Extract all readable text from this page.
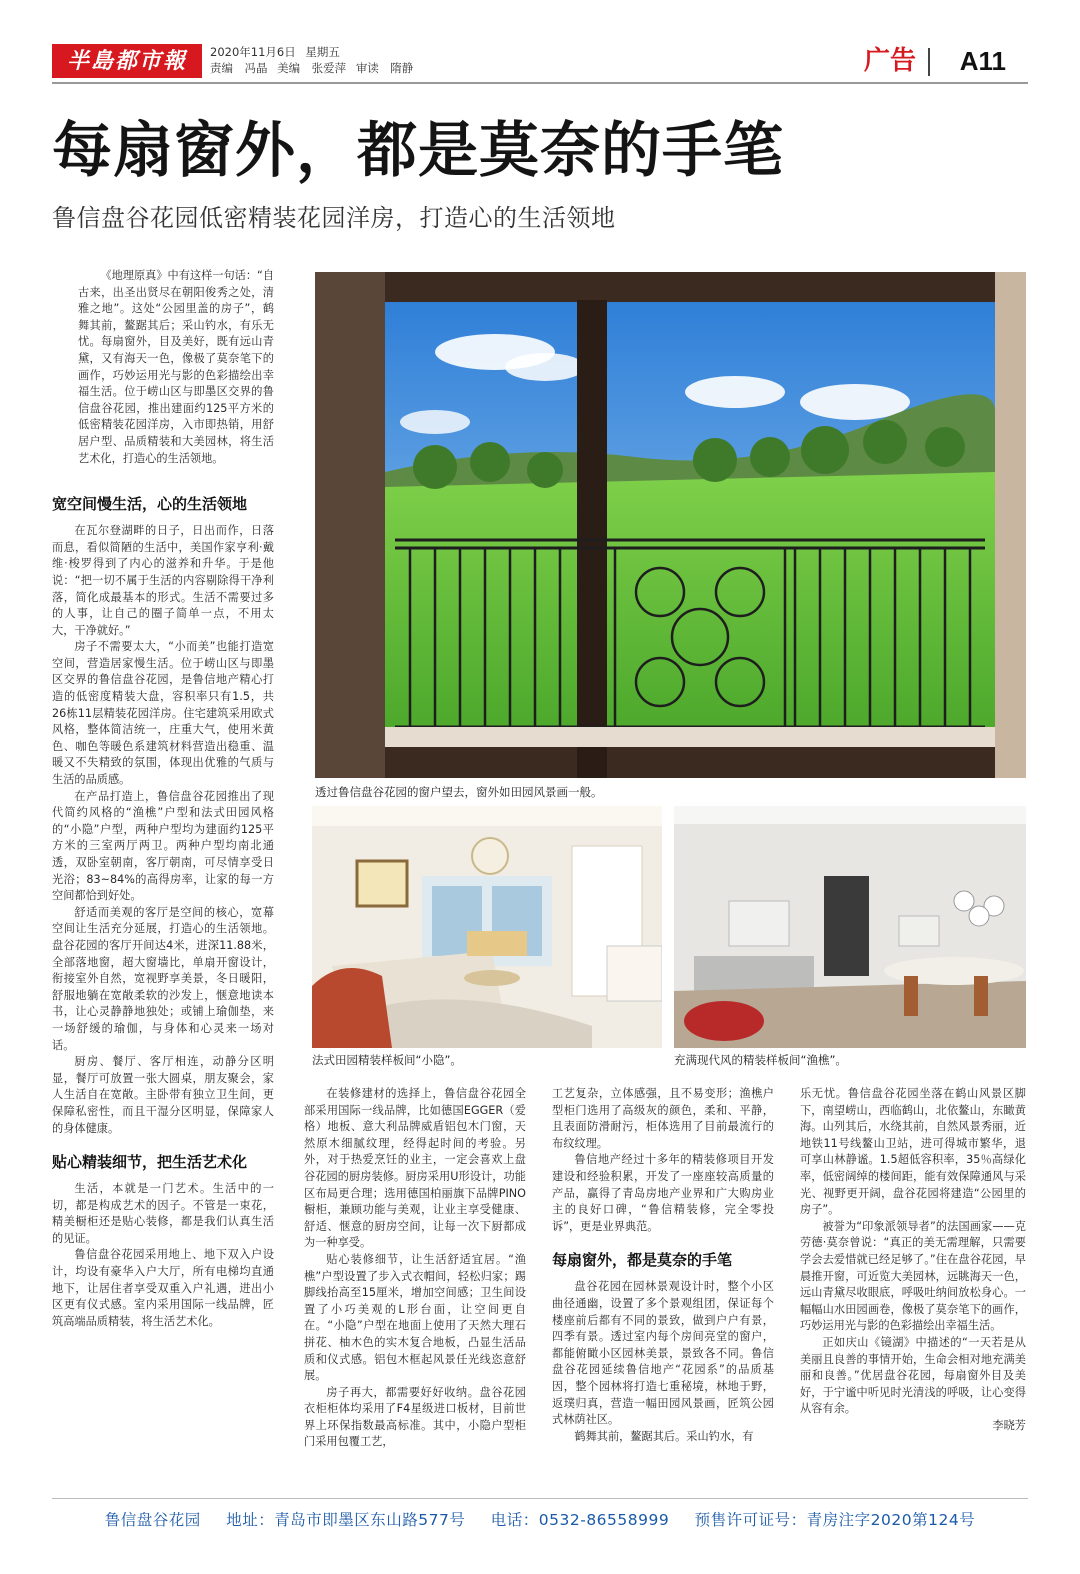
半島都市報	2020年11月6日 星期五
责编　冯晶 美编　张爱萍 审读　隋静	广告 A11
每扇窗外，都是莫奈的手笔
鲁信盘谷花园低密精装花园洋房，打造心的生活领地
透过鲁信盘谷花园的窗户望去，窗外如田园风景画一般。
法式田园精装样板间“小隐”。	充满现代风的精装样板间“渔樵”。

《地理原真》中有这样一句话：“自古来，出圣出贤尽在朝阳俊秀之处，清雅之地”。这处“公园里盖的房子”，鹤舞其前，鳌踞其后；采山钓水，有乐无忧。每扇窗外，目及美好，既有远山青黛，又有海天一色，像极了莫奈笔下的画作，巧妙运用光与影的色彩描绘出幸福生活。位于崂山区与即墨区交界的鲁信盘谷花园，推出建面约125平方米的低密精装花园洋房，入市即热销，用舒居户型、品质精装和大美园林，将生活艺术化，打造心的生活领地。

宽空间慢生活，心的生活领地

在瓦尔登湖畔的日子，日出而作，日落而息，看似简陋的生活中，美国作家亨利·戴维·梭罗得到了内心的滋养和升华。于是他说：“把一切不属于生活的内容剔除得干净利落，简化成最基本的形式。生活不需要过多的人事，让自己的圈子简单一点，不用太大，干净就好。”

房子不需要太大，“小而美”也能打造宽空间，营造居家慢生活。位于崂山区与即墨区交界的鲁信盘谷花园，是鲁信地产精心打造的低密度精装大盘，容积率只有1.5，共26栋11层精装花园洋房。住宅建筑采用欧式风格，整体简洁统一，庄重大气，使用米黄色、咖色等暖色系建筑材料营造出稳重、温暖又不失精致的氛围，体现出优雅的气质与生活的品质感。

在产品打造上，鲁信盘谷花园推出了现代简约风格的“渔樵”户型和法式田园风格的“小隐”户型，两种户型均为建面约125平方米的三室两厅两卫。两种户型均南北通透，双卧室朝南，客厅朝南，可尽情享受日光浴；83~84%的高得房率，让家的每一方空间都恰到好处。

舒适而美观的客厅是空间的核心，宽幕空间让生活充分延展，打造心的生活领地。盘谷花园的客厅开间达4米，进深11.88米，全部落地窗，超大窗墙比，单扇开窗设计，衔接室外自然，宽视野享美景，冬日暖阳，舒服地躺在宽敞柔软的沙发上，惬意地读本书，让心灵静静地独处；或铺上瑜伽垫，来一场舒缓的瑜伽，与身体和心灵来一场对话。

厨房、餐厅、客厅相连，动静分区明显，餐厅可放置一张大圆桌，朋友聚会，家人生活自在宽敞。主卧带有独立卫生间，更保障私密性，而且干湿分区明显，保障家人的身体健康。

贴心精装细节，把生活艺术化

生活，本就是一门艺术。生活中的一切，都是构成艺术的因子。不管是一束花，精美橱柜还是贴心装修，都是我们认真生活的见证。

鲁信盘谷花园采用地上、地下双入户设计，均设有豪华入户大厅，所有电梯均直通地下，让居住者享受双重入户礼遇，进出小区更有仪式感。室内采用国际一线品牌，匠筑高端品质精装，将生活艺术化。

在装修建材的选择上，鲁信盘谷花园全部采用国际一线品牌，比如德国EGGER（爱格）地板、意大利品牌威盾铝包木门窗，天然原木细腻纹理，经得起时间的考验。另外，对于热爱烹饪的业主，一定会喜欢上盘谷花园的厨房装修。厨房采用U形设计，功能区布局更合理；选用德国柏丽旗下品牌PINO橱柜，兼顾功能与美观，让业主享受健康、舒适、惬意的厨房空间，让每一次下厨都成为一种享受。

贴心装修细节，让生活舒适宜居。“渔樵”户型设置了步入式衣帽间，轻松归家；踢脚线抬高至15厘米，增加空间感；卫生间设置了小巧美观的L形台面，让空间更自在。“小隐”户型在地面上使用了天然大理石拼花、柚木色的实木复合地板，凸显生活品质和仪式感。铝包木框起风景任光线恣意舒展。

房子再大，都需要好好收纳。盘谷花园衣柜柜体均采用了F4星级进口板材，目前世界上环保指数最高标准。其中，小隐户型柜门采用包覆工艺，

工艺复杂，立体感强，且不易变形；渔樵户型柜门选用了高级灰的颜色，柔和、平静，且表面防滑耐污，柜体选用了目前最流行的布纹纹理。

鲁信地产经过十多年的精装修项目开发建设和经验积累，开发了一座座较高质量的产品，赢得了青岛房地产业界和广大购房业主的良好口碑，“鲁信精装修，完全零投诉”，更是业界典范。

每扇窗外，都是莫奈的手笔

盘谷花园在园林景观设计时，整个小区曲径通幽，设置了多个景观组团，保证每个楼座前后都有不同的景致，做到户户有景，四季有景。透过室内每个房间亮堂的窗户，都能俯瞰小区园林美景，景致各不同。鲁信盘谷花园延续鲁信地产“花园系”的品质基因，整个园林将打造七重秘境，林地于野，返璞归真，营造一幅田园风景画，匠筑公园式林荫社区。

鹤舞其前，鳌踞其后。采山钓水，有

乐无忧。鲁信盘谷花园坐落在鹤山风景区脚下，南望崂山，西临鹤山，北依鳌山，东瞰黄海。山列其后，水绕其前，自然风景秀丽，近地铁11号线鳌山卫站，进可得城市繁华，退可享山林静谧。1.5超低容积率，35％高绿化率，低密阔绰的楼间距，能有效保障通风与采光、视野更开阔，盘谷花园将建造“公园里的房子”。

被誉为“印象派领导者”的法国画家——克劳德·莫奈曾说：“真正的美无需理解，只需要学会去爱惜就已经足够了。”住在盘谷花园，早晨推开窗，可近览大美园林，远眺海天一色，远山青黛尽收眼底，呼吸吐纳间放松身心。一幅幅山水田园画卷，像极了莫奈笔下的画作，巧妙运用光与影的色彩描绘出幸福生活。

正如庆山《镜湖》中描述的“一天若是从美丽且良善的事情开始，生命会相对地充满美丽和良善。”优居盘谷花园，每扇窗外目及美好，于宁谧中听见时光清浅的呼吸，让心变得从容有余。

李晓芳

鲁信盘谷花园 地址：青岛市即墨区东山路577号 电话：0532-86558999 预售许可证号：青房注字2020第124号
